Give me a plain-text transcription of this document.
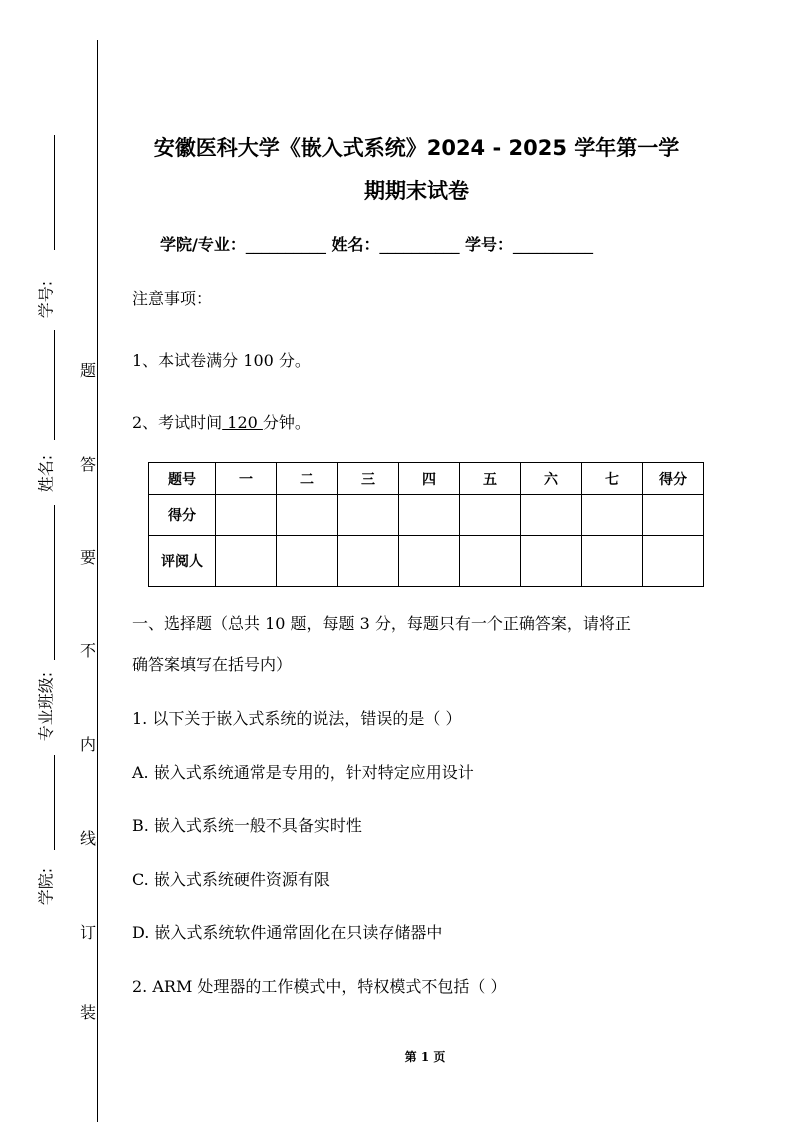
学号:
姓名:
专业班级:
学院:
题
答
要
不
内
线
订
装
安徽医科大学《嵌入式系统》2024 - 2025 学年第一学
期期末试卷
学院/专业：__________ 姓名：__________ 学号：__________
注意事项：
1、本试卷满分 100 分。
2、考试时间 120 分钟。
题号	一	二	三	四	五	六	七	得分
得分								
评阅人								
一、选择题（总共 10 题，每题 3 分，每题只有一个正确答案，请将正
确答案填写在括号内）
1. 以下关于嵌入式系统的说法，错误的是（ ）
A. 嵌入式系统通常是专用的，针对特定应用设计
B. 嵌入式系统一般不具备实时性
C. 嵌入式系统硬件资源有限
D. 嵌入式系统软件通常固化在只读存储器中
2. ARM 处理器的工作模式中，特权模式不包括（ ）
第 1 页
